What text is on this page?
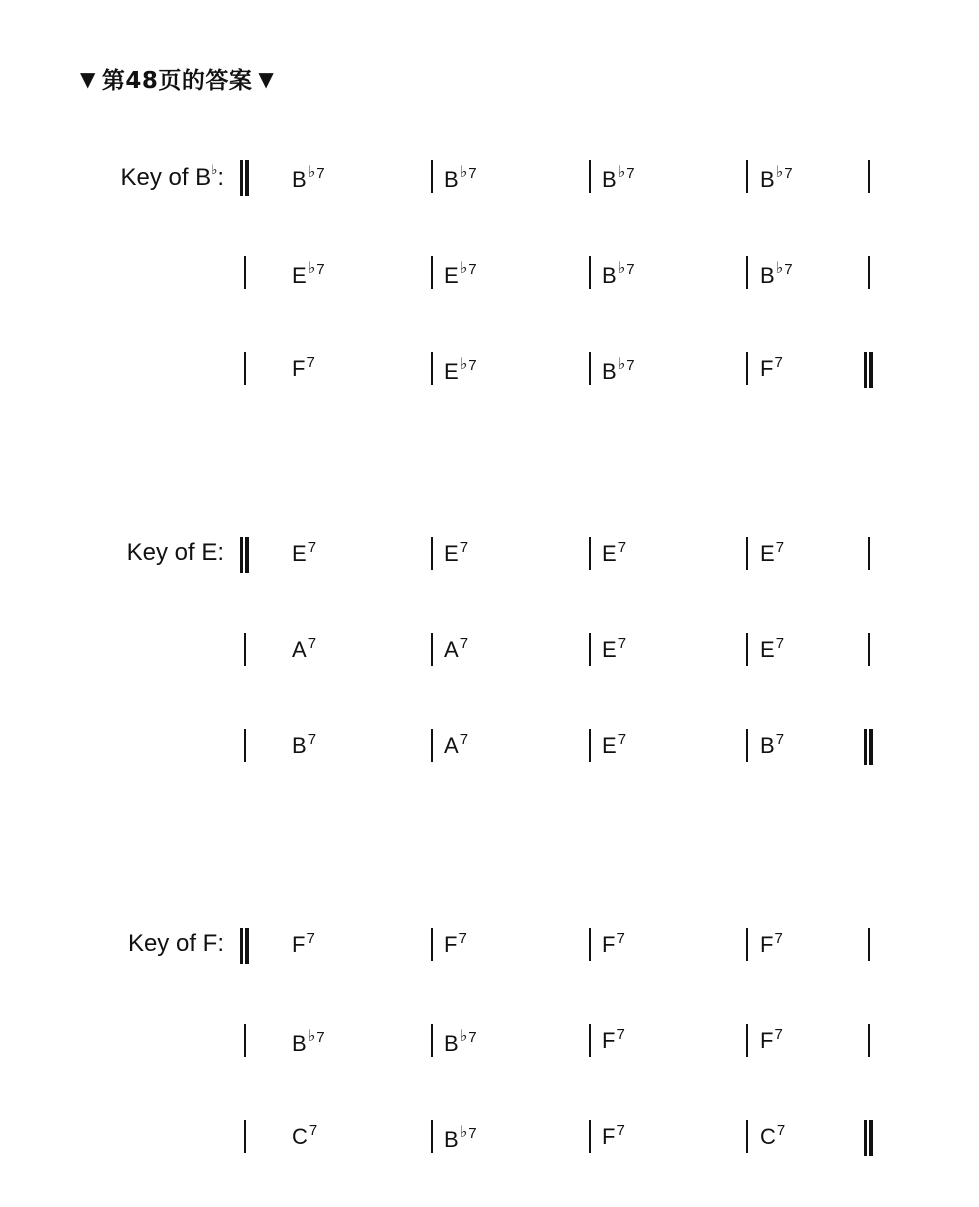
▼ 第48页的答案 ▼
Key of B♭:	$B^{♭7}$	$B^{♭7}$	$B^{♭7}$	$B^{♭7}$
$E^{♭7}$	$E^{♭7}$	$B^{♭7}$	$B^{♭7}$
$F^7$	$E^{♭7}$	$B^{♭7}$	$F^7$
Key of E:	$E^7$	$E^7$	$E^7$	$E^7$
$A^7$	$A^7$	$E^7$	$E^7$
$B^7$	$A^7$	$E^7$	$B^7$
Key of F:	$F^7$	$F^7$	$F^7$	$F^7$
$B^{♭7}$	$B^{♭7}$	$F^7$	$F^7$
$C^7$	$B^{♭7}$	$F^7$	$C^7$
